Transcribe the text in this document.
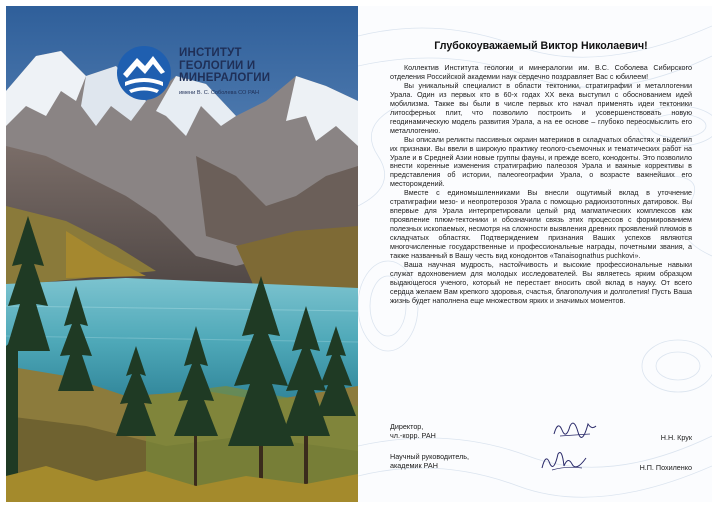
ИНСТИТУТ
ГЕОЛОГИИ И
МИНЕРАЛОГИИ
имени В. С. Соболева СО РАН

Глубокоуважаемый Виктор Николаевич!

Коллектив Института геологии и минералогии им. В.С. Соболева Сибирского отделения Российской академии наук сердечно поздравляет Вас с юбилеем!

Вы уникальный специалист в области тектоники, стратиграфии и металлогении Урала. Один из первых кто в 60-х годах XX века выступил с обоснованием идей мобилизма. Также вы были в числе первых кто начал применять идеи тектоники литосферных плит, что позволило построить и усовершенствовать новую геодинамическую модель развития Урала, а на ее основе – глубоко переосмыслить его металлогению.

Вы описали реликты пассивных окраин материков в складчатых областях и выделил их признаки. Вы ввели в широкую практику геолого-съемочных и тематических работ на Урале и в Средней Азии новые группы фауны, и прежде всего, конодонты. Это позволило внести коренные изменения стратиграфию палеозоя Урала и важные коррективы в представления об истории, палеогеографии Урала, о возрасте важнейших его месторождений.

Вместе с единомышленниками Вы внесли ощутимый вклад в уточнение стратиграфии мезо- и неопротерозоя Урала с помощью радиоизотопных датировок. Вы впервые для Урала интерпретировали целый ряд магматических комплексов как проявление плюм-тектоники и обозначили связь этих процессов с формированием полезных ископаемых, несмотря на сложности выявления древних проявлений плюмов в складчатых областях. Подтверждением признания Ваших успехов являются многочисленные государственные и профессиональные награды, почетными звания, а также названный в Вашу честь вид конодонтов «Tanaisognathus puchkovi».

Ваша научная мудрость, настойчивость и высокие профессиональные навыки служат вдохновением для молодых исследователей. Вы являетесь ярким образцом выдающегося ученого, который не перестает вносить свой вклад в науку. От всего сердца желаем Вам крепкого здоровья, счастья, благополучия и долголетия! Пусть Ваша жизнь будет наполнена еще множеством ярких и значимых моментов.

Директор,
чл.-корр. РАН	Н.Н. Крук
Научный руководитель,
академик РАН	Н.П. Похиленко
